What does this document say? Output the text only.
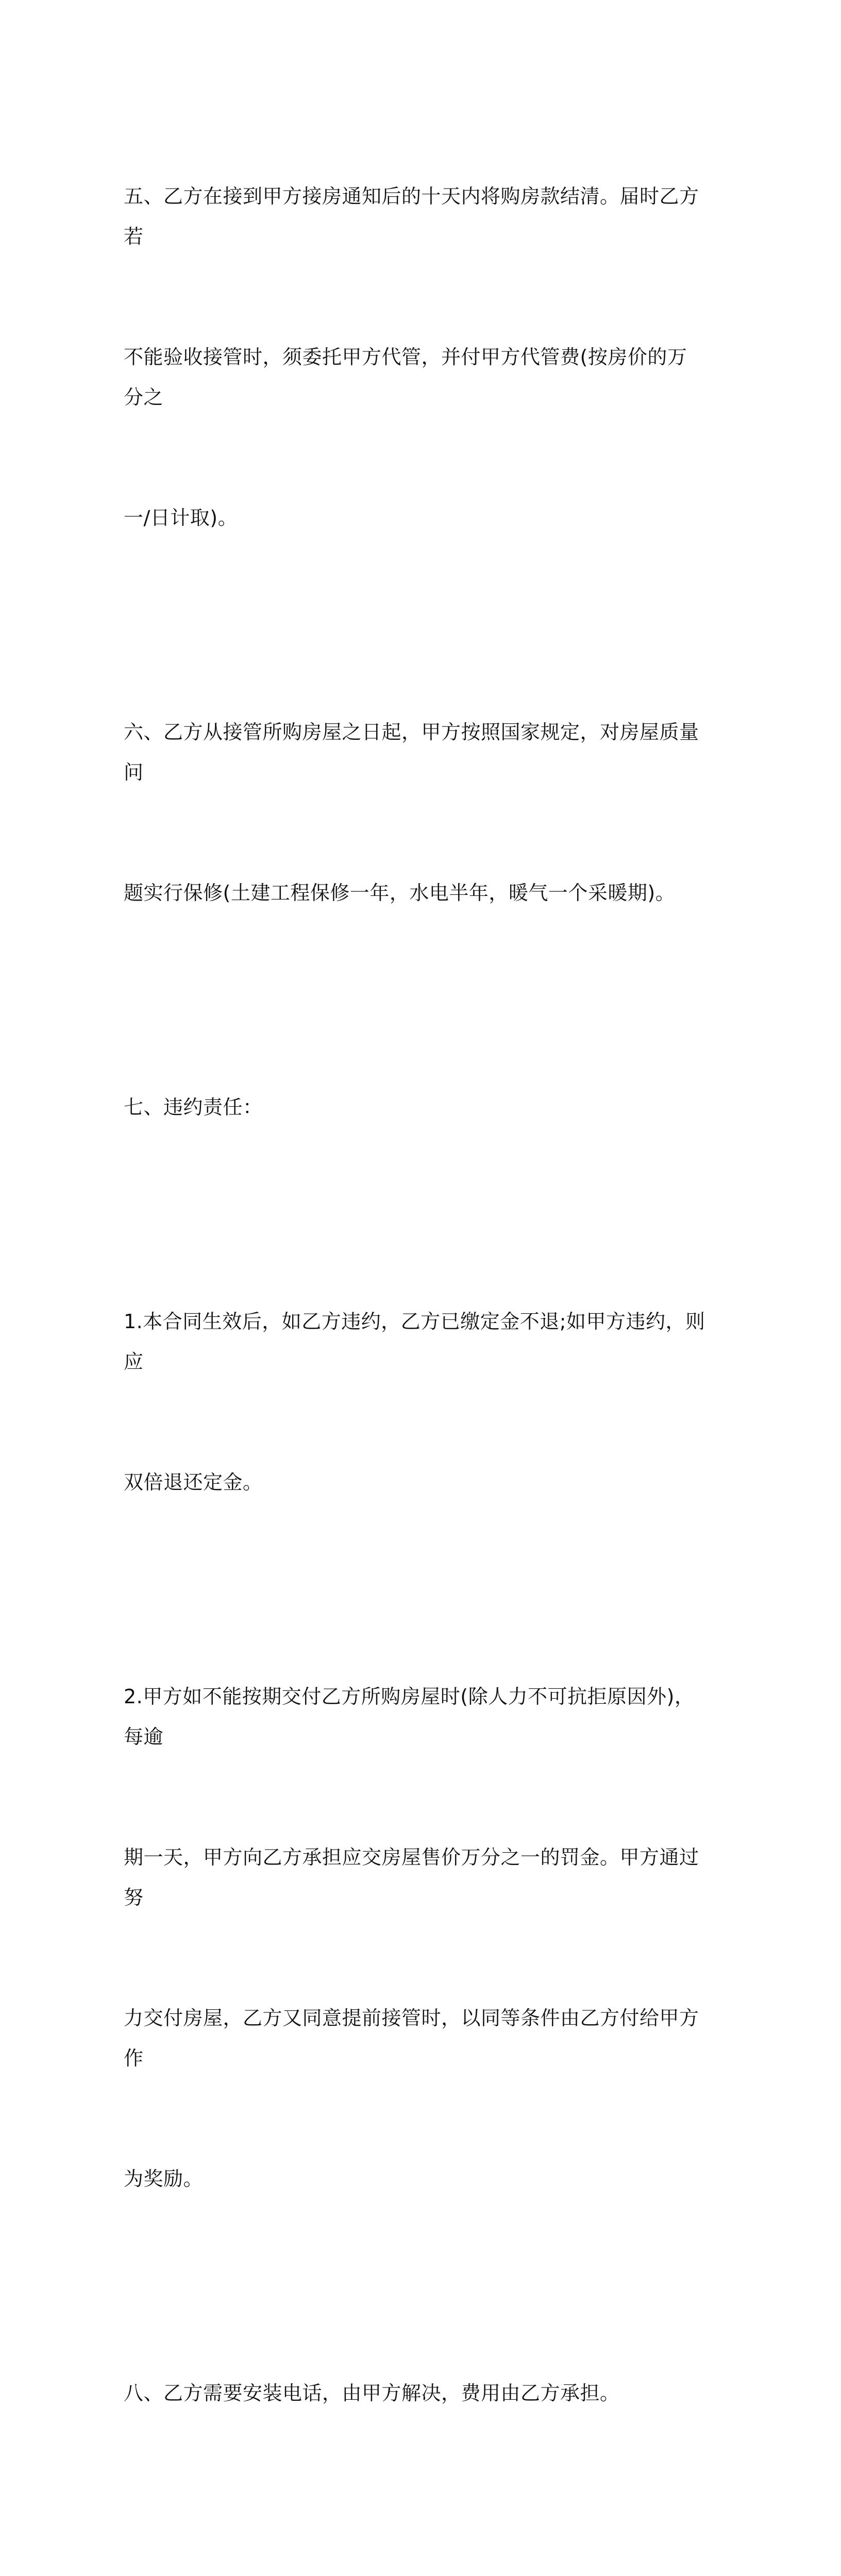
五、乙方在接到甲方接房通知后的十天内将购房款结清。届时乙方若

不能验收接管时，须委托甲方代管，并付甲方代管费(按房价的万分之

一/日计取)。

六、乙方从接管所购房屋之日起，甲方按照国家规定，对房屋质量问

题实行保修(土建工程保修一年，水电半年，暖气一个采暖期)。

七、违约责任：

1.本合同生效后，如乙方违约，乙方已缴定金不退;如甲方违约，则应

双倍退还定金。

2.甲方如不能按期交付乙方所购房屋时(除人力不可抗拒原因外)，每逾

期一天，甲方向乙方承担应交房屋售价万分之一的罚金。甲方通过努

力交付房屋，乙方又同意提前接管时，以同等条件由乙方付给甲方作

为奖励。

八、乙方需要安装电话，由甲方解决，费用由乙方承担。
